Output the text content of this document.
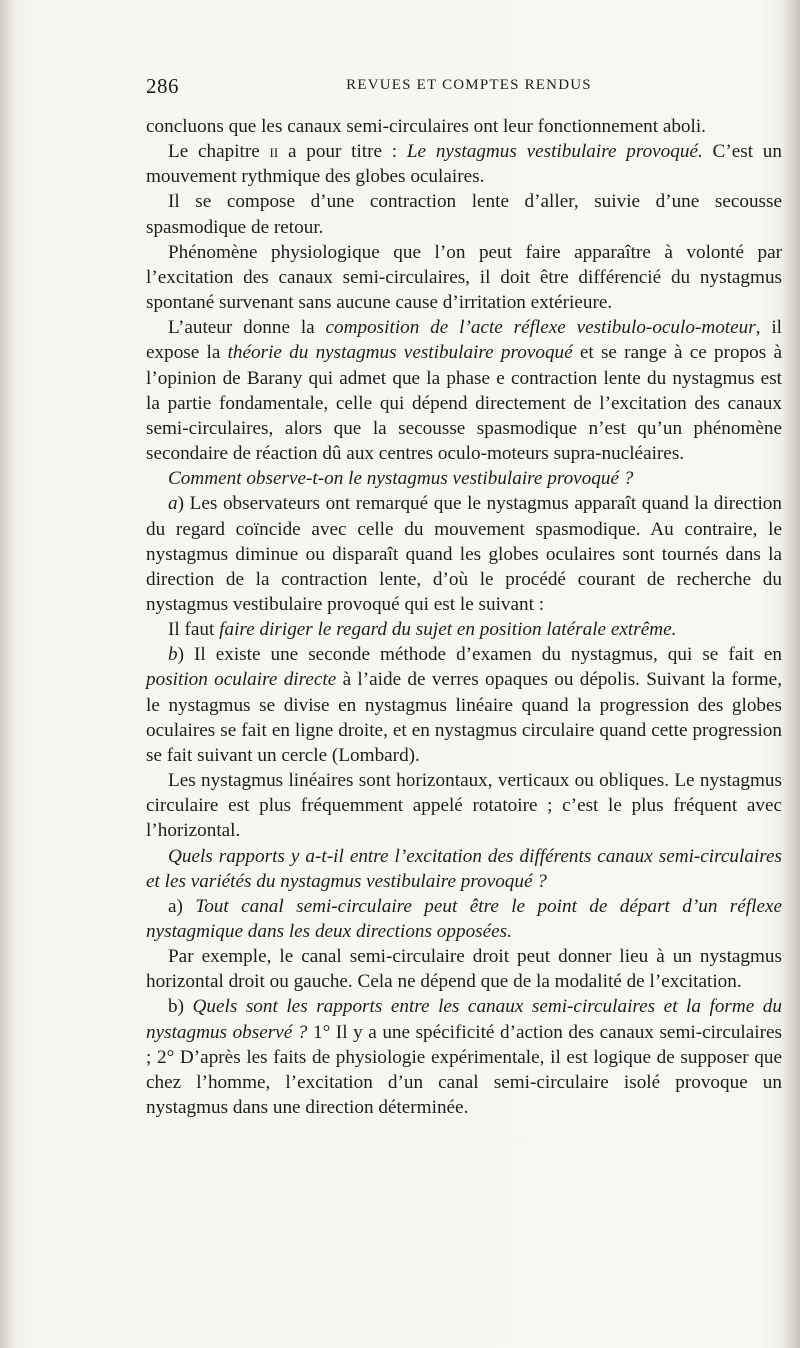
286	REVUES ET COMPTES RENDUS

concluons que les canaux semi-circulaires ont leur fonctionnement aboli.

Le chapitre ii a pour titre : Le nystagmus vestibulaire provoqué. C’est un mouvement rythmique des globes oculaires.

Il se compose d’une contraction lente d’aller, suivie d’une secousse spasmodique de retour.

Phénomène physiologique que l’on peut faire apparaître à volonté par l’excitation des canaux semi-circulaires, il doit être différencié du nystagmus spontané survenant sans aucune cause d’irritation extérieure.

L’auteur donne la composition de l’acte réflexe vestibulo-oculo-moteur, il expose la théorie du nystagmus vestibulaire provoqué et se range à ce propos à l’opinion de Barany qui admet que la phase e contraction lente du nystagmus est la partie fondamentale, celle qui dépend directement de l’excitation des canaux semi-circulaires, alors que la secousse spasmodique n’est qu’un phénomène secondaire de réaction dû aux centres oculo-moteurs supra-nucléaires.

Comment observe-t-on le nystagmus vestibulaire provoqué ?

a) Les observateurs ont remarqué que le nystagmus apparaît quand la direction du regard coïncide avec celle du mouvement spasmodique. Au contraire, le nystagmus diminue ou disparaît quand les globes oculaires sont tournés dans la direction de la contraction lente, d’où le procédé courant de recherche du nystagmus vestibulaire provoqué qui est le suivant :

Il faut faire diriger le regard du sujet en position latérale extrême.

b) Il existe une seconde méthode d’examen du nystagmus, qui se fait en position oculaire directe à l’aide de verres opaques ou dépolis. Suivant la forme, le nystagmus se divise en nystagmus linéaire quand la progression des globes oculaires se fait en ligne droite, et en nystagmus circulaire quand cette progression se fait suivant un cercle (Lombard).

Les nystagmus linéaires sont horizontaux, verticaux ou obliques. Le nystagmus circulaire est plus fréquemment appelé rotatoire ; c’est le plus fréquent avec l’horizontal.

Quels rapports y a-t-il entre l’excitation des différents canaux semi-circulaires et les variétés du nystagmus vestibulaire provoqué ?

a) Tout canal semi-circulaire peut être le point de départ d’un réflexe nystagmique dans les deux directions opposées.

Par exemple, le canal semi-circulaire droit peut donner lieu à un nystagmus horizontal droit ou gauche. Cela ne dépend que de la modalité de l’excitation.

b) Quels sont les rapports entre les canaux semi-circulaires et la forme du nystagmus observé ? 1° Il y a une spécificité d’action des canaux semi-circulaires ; 2° D’après les faits de physiologie expérimentale, il est logique de supposer que chez l’homme, l’excitation d’un canal semi-circulaire isolé provoque un nystagmus dans une direction déterminée.
